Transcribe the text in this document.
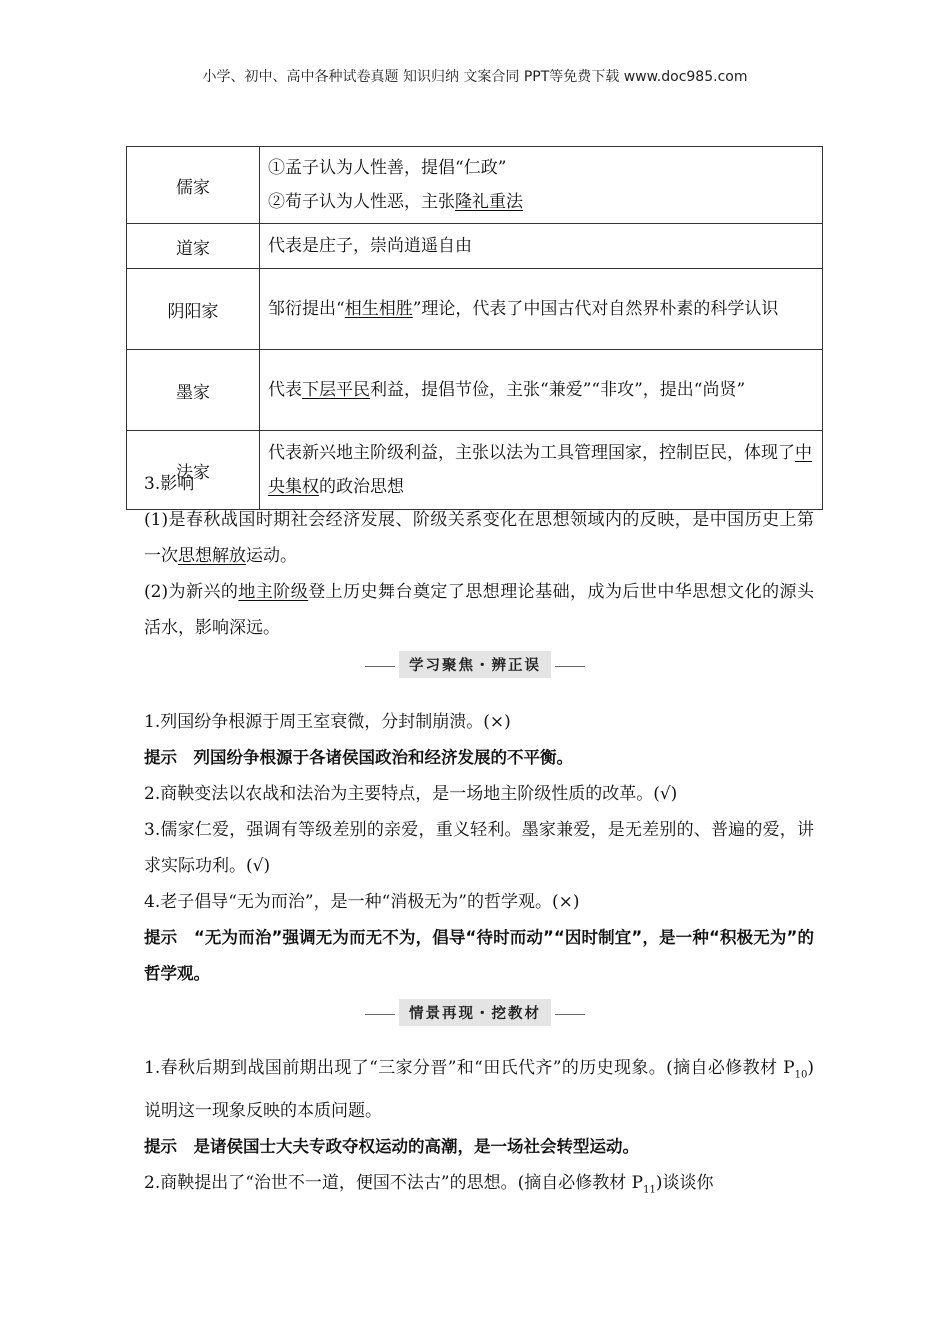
小学、初中、高中各种试卷真题 知识归纳 文案合同 PPT等免费下载 www.doc985.com
儒家	①孟子认为人性善，提倡“仁政”
②荀子认为人性恶，主张隆礼重法

道家	代表是庄子，崇尚逍遥自由
阴阳家	邹衍提出“相生相胜”理论，代表了中国古代对自然界朴素的科学认识
墨家	代表下层平民利益，提倡节俭，主张“兼爱”“非攻”，提出“尚贤”
法家	代表新兴地主阶级利益，主张以法为工具管理国家，控制臣民，体现了中央集权的政治思想

3.影响

(1)是春秋战国时期社会经济发展、阶级关系变化在思想领域内的反映，是中国历史上第一次思想解放运动。

(2)为新兴的地主阶级登上历史舞台奠定了思想理论基础，成为后世中华思想文化的源头活水，影响深远。

学习聚焦・辨正误

1.列国纷争根源于周王室衰微，分封制崩溃。(×)

提示　列国纷争根源于各诸侯国政治和经济发展的不平衡。

2.商鞅变法以农战和法治为主要特点，是一场地主阶级性质的改革。(√)

3.儒家仁爱，强调有等级差别的亲爱，重义轻利。墨家兼爱，是无差别的、普遍的爱，讲求实际功利。(√)

4.老子倡导“无为而治”，是一种“消极无为”的哲学观。(×)

提示　“无为而治”强调无为而无不为，倡导“待时而动”“因时制宜”，是一种“积极无为”的哲学观。

情景再现・挖教材

1.春秋后期到战国前期出现了“三家分晋”和“田氏代齐”的历史现象。(摘自必修教材 $P_{10}$)说明这一现象反映的本质问题。

提示　是诸侯国士大夫专政夺权运动的高潮，是一场社会转型运动。

2.商鞅提出了“治世不一道，便国不法古”的思想。(摘自必修教材 $P_{11}$)谈谈你
